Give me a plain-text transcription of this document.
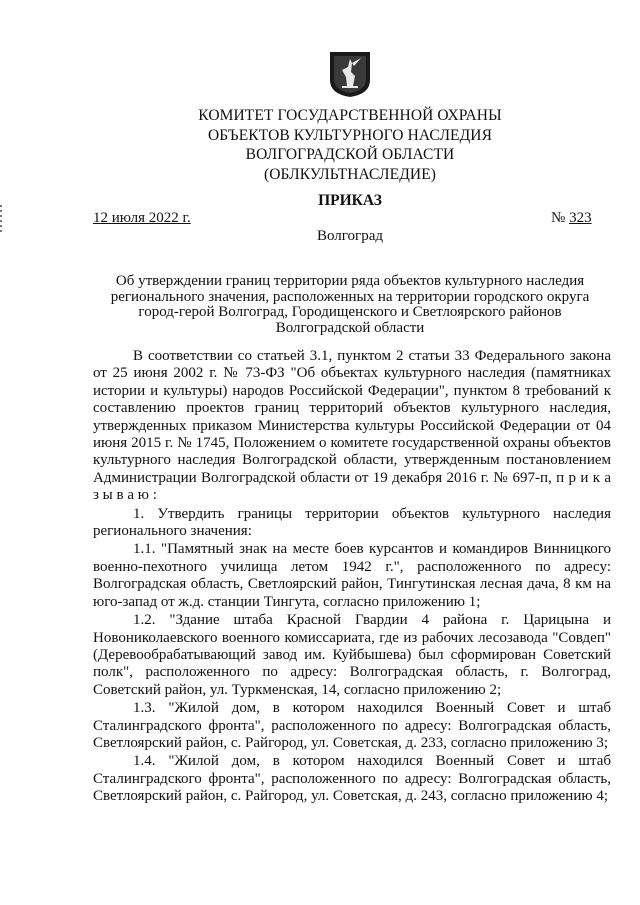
КОМИТЕТ ГОСУДАРСТВЕННОЙ ОХРАНЫ
ОБЪЕКТОВ КУЛЬТУРНОГО НАСЛЕДИЯ
ВОЛГОГРАДСКОЙ ОБЛАСТИ
(ОБЛКУЛЬТНАСЛЕДИЕ)
ПРИКАЗ
12 июля 2022 г.	№ 323
Волгоград
Об утверждении границ территории ряда объектов культурного наследия
регионального значения, расположенных на территории городского округа
город-герой Волгоград, Городищенского и Светлоярского районов
Волгоградской области

В соответствии со статьей 3.1, пунктом 2 статьи 33 Федерального закона от 25 июня 2002 г. № 73-ФЗ "Об объектах культурного наследия (памятниках истории и культуры) народов Российской Федерации", пунктом 8 требований к составлению проектов границ территорий объектов культурного наследия, утвержденных приказом Министерства культуры Российской Федерации от 04 июня 2015 г. № 1745, Положением о комитете государственной охраны объектов культурного наследия Волгоградской области, утвержденным постановлением Администрации Волгоградской области от 19 декабря 2016 г. № 697-п, п р и к а з ы в а ю :

1. Утвердить границы территории объектов культурного наследия регионального значения:

1.1. "Памятный знак на месте боев курсантов и командиров Винницкого военно-пехотного училища летом 1942 г.", расположенного по адресу: Волгоградская область, Светлоярский район, Тингутинская лесная дача, 8 км на юго-запад от ж.д. станции Тингута, согласно приложению 1;

1.2. "Здание штаба Красной Гвардии 4 района г. Царицына и Новониколаевского военного комиссариата, где из рабочих лесозавода "Совдеп" (Деревообрабатывающий завод им. Куйбышева) был сформирован Советский полк", расположенного по адресу: Волгоградская область, г. Волгоград, Советский район, ул. Туркменская, 14, согласно приложению 2;

1.3. "Жилой дом, в котором находился Военный Совет и штаб Сталинградского фронта", расположенного по адресу: Волгоградская область, Светлоярский район, с. Райгород, ул. Советская, д. 233, согласно приложению 3;

1.4. "Жилой дом, в котором находился Военный Совет и штаб Сталинградского фронта", расположенного по адресу: Волгоградская область, Светлоярский район, с. Райгород, ул. Советская, д. 243, согласно приложению 4;
